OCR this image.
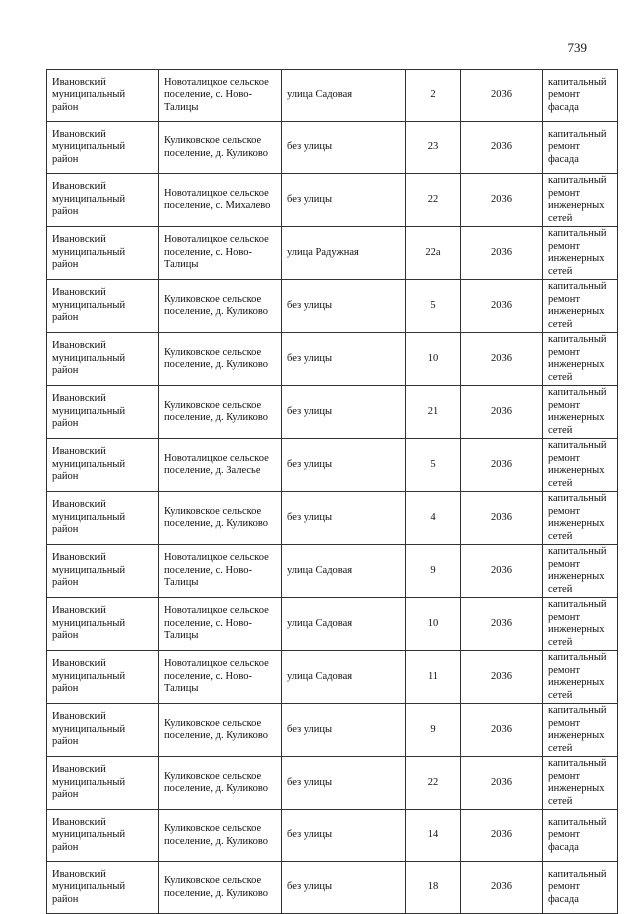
739
Ивановский муниципальный район	Новоталицкое сельское поселение, с. Ново-Талицы	улица Садовая	2	2036	капитальный ремонт фасада
Ивановский муниципальный район	Куликовское сельское поселение, д. Куликово	без улицы	23	2036	капитальный ремонт фасада
Ивановский муниципальный район	Новоталицкое сельское поселение, с. Михалево	без улицы	22	2036	капитальный ремонт инженерных сетей
Ивановский муниципальный район	Новоталицкое сельское поселение, с. Ново-Талицы	улица Радужная	22а	2036	капитальный ремонт инженерных сетей
Ивановский муниципальный район	Куликовское сельское поселение, д. Куликово	без улицы	5	2036	капитальный ремонт инженерных сетей
Ивановский муниципальный район	Куликовское сельское поселение, д. Куликово	без улицы	10	2036	капитальный ремонт инженерных сетей
Ивановский муниципальный район	Куликовское сельское поселение, д. Куликово	без улицы	21	2036	капитальный ремонт инженерных сетей
Ивановский муниципальный район	Новоталицкое сельское поселение, д. Залесье	без улицы	5	2036	капитальный ремонт инженерных сетей
Ивановский муниципальный район	Куликовское сельское поселение, д. Куликово	без улицы	4	2036	капитальный ремонт инженерных сетей
Ивановский муниципальный район	Новоталицкое сельское поселение, с. Ново-Талицы	улица Садовая	9	2036	капитальный ремонт инженерных сетей
Ивановский муниципальный район	Новоталицкое сельское поселение, с. Ново-Талицы	улица Садовая	10	2036	капитальный ремонт инженерных сетей
Ивановский муниципальный район	Новоталицкое сельское поселение, с. Ново-Талицы	улица Садовая	11	2036	капитальный ремонт инженерных сетей
Ивановский муниципальный район	Куликовское сельское поселение, д. Куликово	без улицы	9	2036	капитальный ремонт инженерных сетей
Ивановский муниципальный район	Куликовское сельское поселение, д. Куликово	без улицы	22	2036	капитальный ремонт инженерных сетей
Ивановский муниципальный район	Куликовское сельское поселение, д. Куликово	без улицы	14	2036	капитальный ремонт фасада
Ивановский муниципальный район	Куликовское сельское поселение, д. Куликово	без улицы	18	2036	капитальный ремонт фасада
